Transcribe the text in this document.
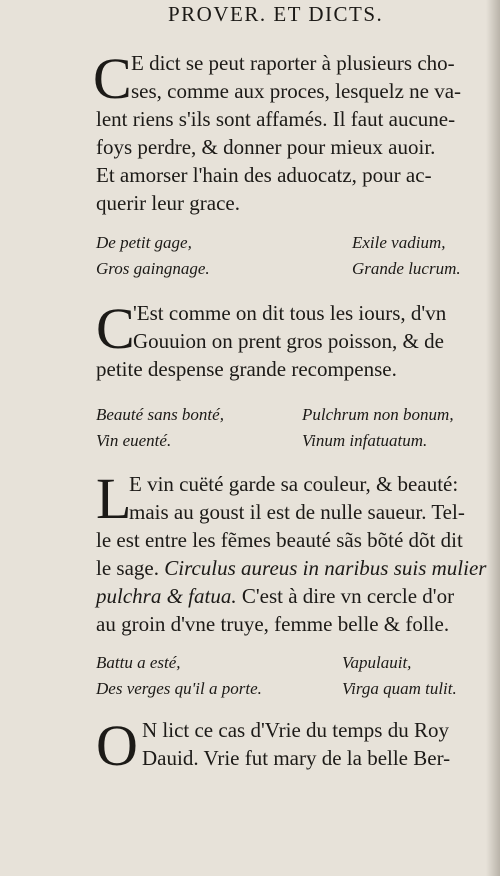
PROVER. ET DICTS.
C E dict se peut raporter à plusieurs cho-
ses, comme aux proces, lesquelz ne va-
lent riens s'ils sont affamés. Il faut aucune-
foys perdre, & donner pour mieux auoir.
Et amorser l'hain des aduocatz, pour ac-
querir leur grace.
De petit gage,
Gros gaingnage.
Exile vadium,
Grande lucrum.
C
'Est comme on dit tous les iours, d'vn
Gouuion on prent gros poisson, & de
petite despense grande recompense.
Beauté sans bonté,
Vin euenté.
Pulchrum non bonum,
Vinum infatuatum.
L
E vin cuëté garde sa couleur, & beauté:
mais au goust il est de nulle saueur. Tel-
le est entre les fẽmes beauté sãs bõté dõt dit
le sage. Circulus aureus in naribus suis mulier
pulchra & fatua. C'est à dire vn cercle d'or
au groin d'vne truye, femme belle & folle.
Battu a esté,
Des verges qu'il a porte.
Vapulauit,
Virga quam tulit.
O N lict ce cas d'Vrie du temps du Roy
Dauid. Vrie fut mary de la belle Ber-
